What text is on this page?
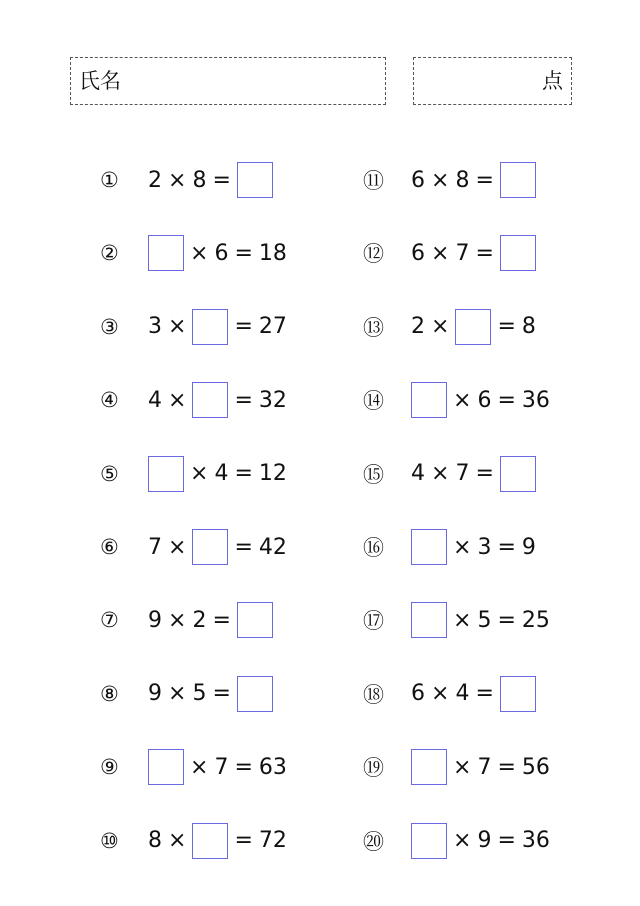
氏名	点
①	2 × 8 =
②	× 6 = 18
③	3 × = 27
④	4 × = 32
⑤	× 4 = 12
⑥	7 × = 42
⑦	9 × 2 =
⑧	9 × 5 =
⑨	× 7 = 63
⑩	8 × = 72
⑪	6 × 8 =
⑫	6 × 7 =
⑬	2 × = 8
⑭	× 6 = 36
⑮	4 × 7 =
⑯	× 3 = 9
⑰	× 5 = 25
⑱	6 × 4 =
⑲	× 7 = 56
⑳	× 9 = 36
